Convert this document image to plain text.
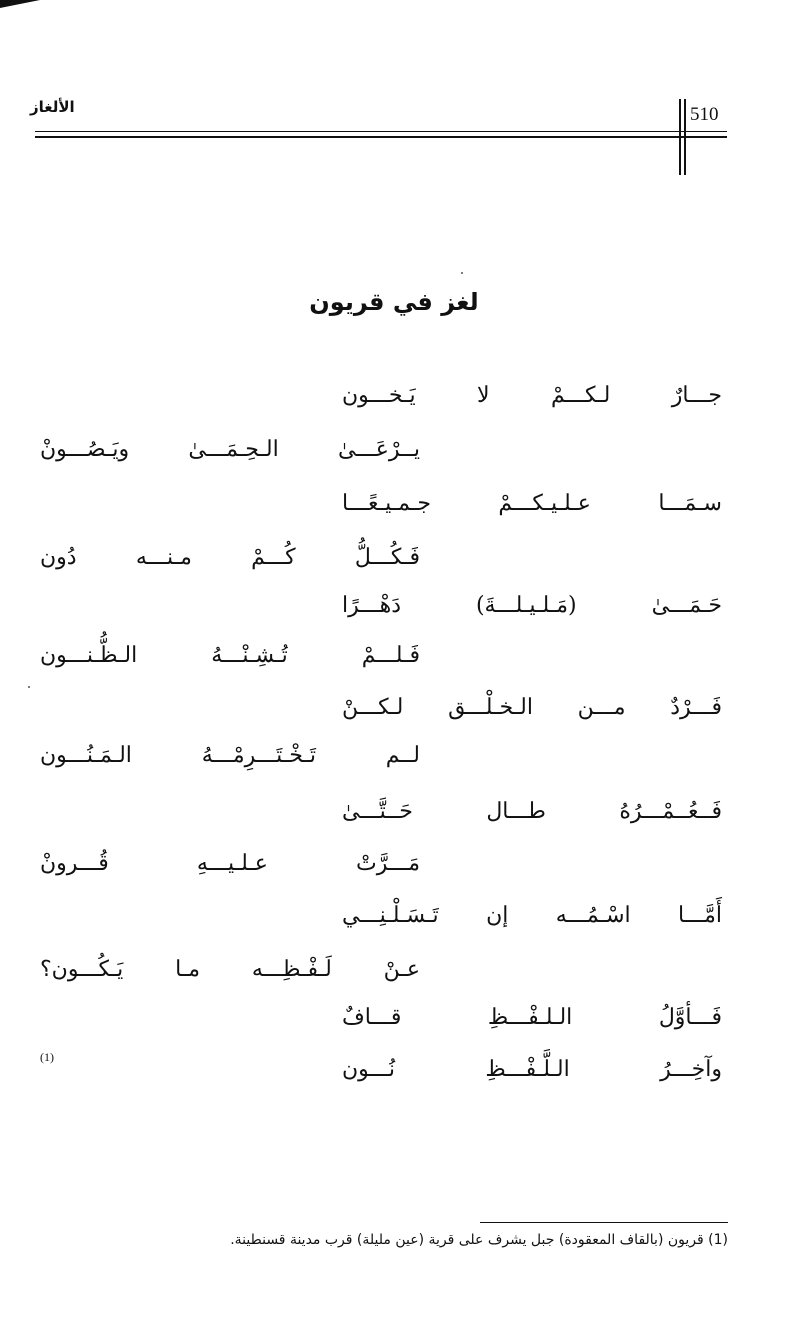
الألغاز	510
لغز في قريون
جـــارٌ لـكـــمْ لا يَـخـــون
يــرْعَـــىٰ الـحِـمَـــىٰ ويَـصُـــونْ
سـمَـــا عـلـيـكـــمْ جـمـيـعًـــا
فَـكُـــلُّ كُـــمْ مـنـــه دُون
حَـمَـــىٰ (مَـلـيـلـــةَ) دَهْـــرًا
فَـلـــمْ تُـشِـنْـــهُ الـظُّـنـــون
فَـــرْدٌ مـــن الـخـلْـــق لـكـــنْ
لــم تَـخْـتَـــرِمْـــهُ الـمَـنُـــون
فَــعُــمْـــرُهُ طـــال حَــتَّـــىٰ
مَـــرَّتْ عـلـيـــهِ قُـــرونْ
أَمَّـــا اسْـمُـــه إن تَـسَـلْـنِـــي
عـنْ لَـفْـظِـــه مـا يَـكُـــون؟
فَـــأوَّلُ الـلـفْـــظِ قـــافٌ
وآخِـــرُ الـلَّـفْـــظِ نُـــون
(1)
(1) قريون (بالقاف المعقودة) جبل يشرف على قرية (عين مليلة) قرب مدينة قسنطينة.
